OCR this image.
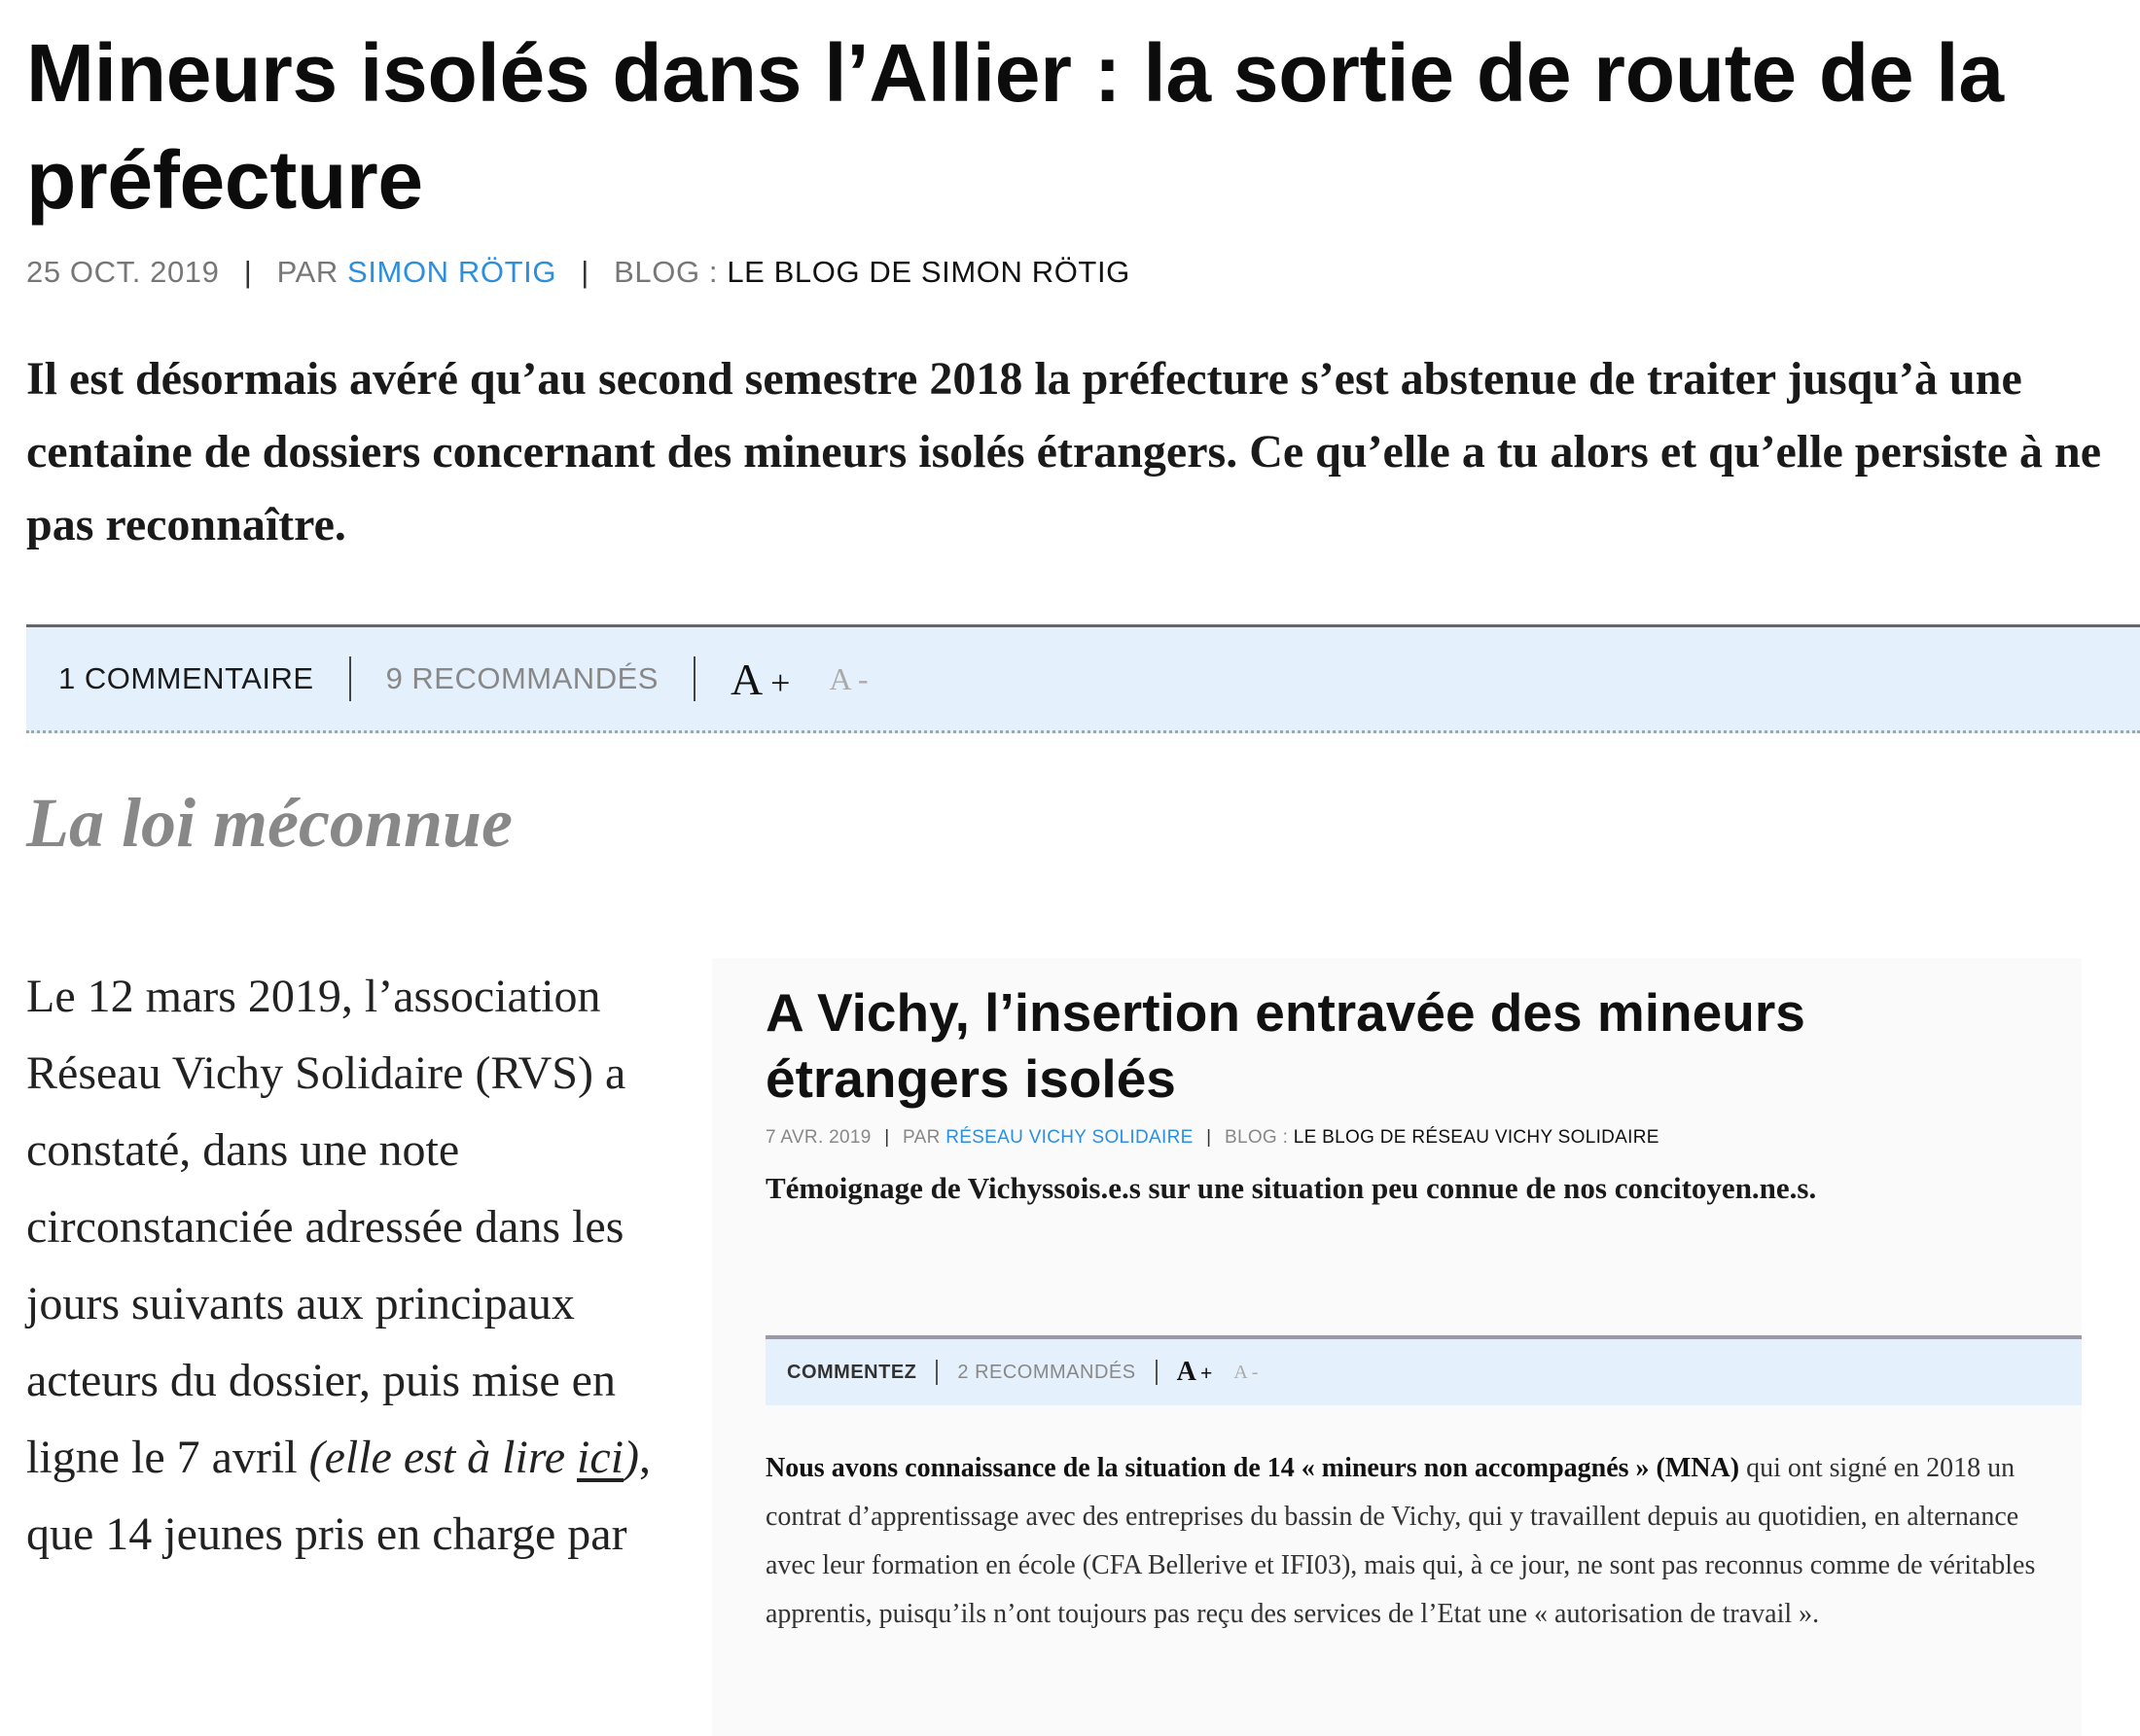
Mineurs isolés dans l’Allier : la sortie de route de la préfecture
25 OCT. 2019 | PAR SIMON RÖTIG | BLOG : LE BLOG DE SIMON RÖTIG

Il est désormais avéré qu’au second semestre 2018 la préfecture s’est abstenue de traiter jusqu’à une centaine de dossiers concernant des mineurs isolés étrangers. Ce qu’elle a tu alors et qu’elle persiste à ne pas reconnaître.

1 COMMENTAIRE 9 RECOMMANDÉS A + A -
La loi méconnue

Le 12 mars 2019, l’association Réseau Vichy Solidaire (RVS) a constaté, dans une note circonstanciée adressée dans les jours suivants aux principaux acteurs du dossier, puis mise en ligne le 7 avril (elle est à lire ici), que 14 jeunes pris en charge par

A Vichy, l’insertion entravée des mineurs étrangers isolés
7 AVR. 2019 | PAR RÉSEAU VICHY SOLIDAIRE | BLOG : LE BLOG DE RÉSEAU VICHY SOLIDAIRE

Témoignage de Vichyssois.e.s sur une situation peu connue de nos concitoyen.ne.s.

COMMENTEZ 2 RECOMMANDÉS A + A -

Nous avons connaissance de la situation de 14 « mineurs non accompagnés » (MNA) qui ont signé en 2018 un contrat d’apprentissage avec des entreprises du bassin de Vichy, qui y travaillent depuis au quotidien, en alternance avec leur formation en école (CFA Bellerive et IFI03), mais qui, à ce jour, ne sont pas reconnus comme de véritables apprentis, puisqu’ils n’ont toujours pas reçu des services de l’Etat une « autorisation de travail ».
